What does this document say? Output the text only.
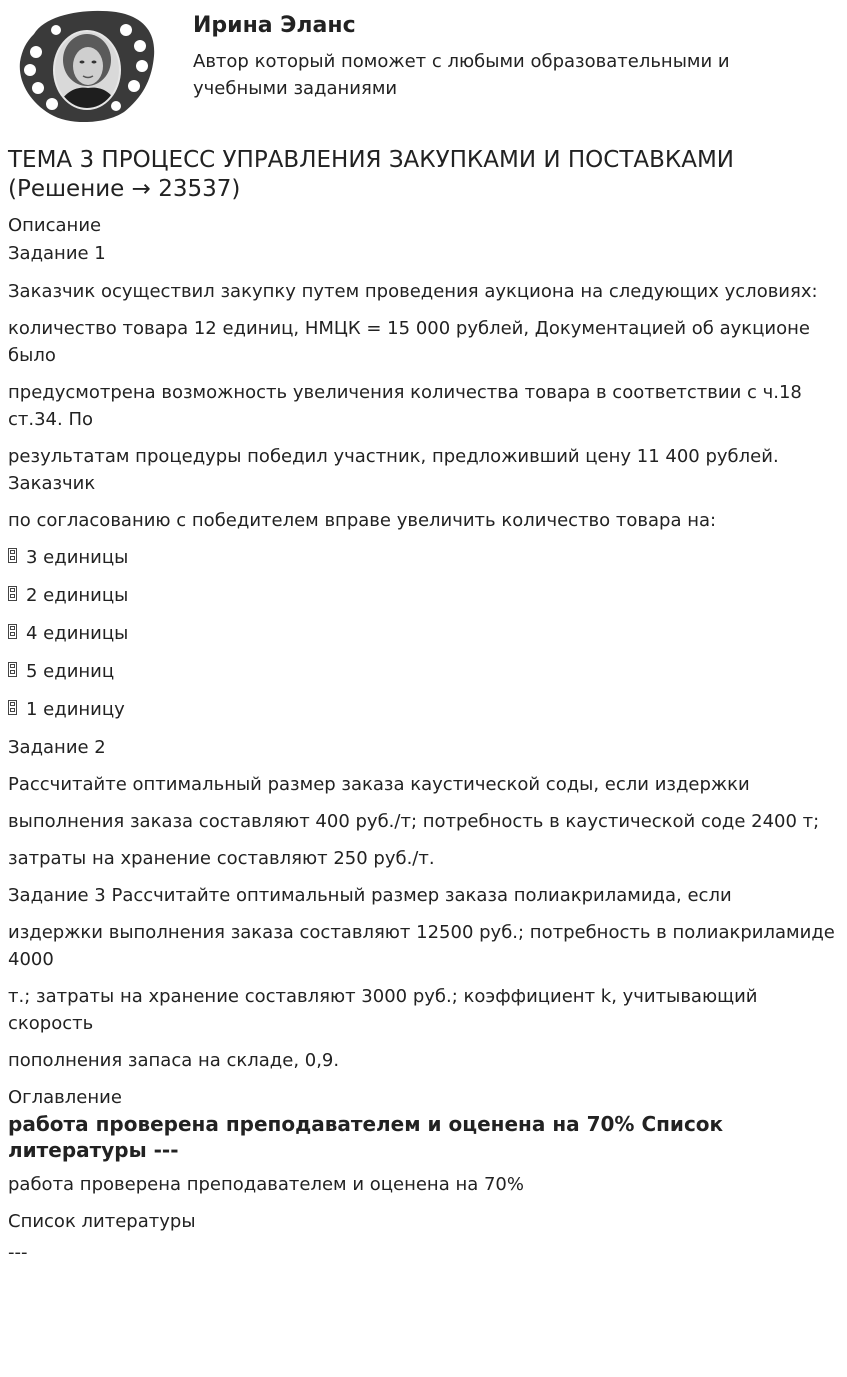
Ирина Эланс
Автор который поможет с любыми образовательными и учебными заданиями
ТЕМА 3 ПРОЦЕСС УПРАВЛЕНИЯ ЗАКУПКАМИ И ПОСТАВКАМИ (Решение → 23537)
Описание
Задание 1

Заказчик осуществил закупку путем проведения аукциона на следующих условиях:

количество товара 12 единиц, НМЦК = 15 000 рублей, Документацией об аукционе было

предусмотрена возможность увеличения количества товара в соответствии с ч.18 ст.34. По

результатам процедуры победил участник, предложивший цену 11 400 рублей. Заказчик

по согласованию с победителем вправе увеличить количество товара на:

3 единицы
2 единицы
4 единицы
5 единиц
1 единицу

Задание 2

Рассчитайте оптимальный размер заказа каустической соды, если издержки

выполнения заказа составляют 400 руб./т; потребность в каустической соде 2400 т;

затраты на хранение составляют 250 руб./т.

Задание 3 Рассчитайте оптимальный размер заказа полиакриламида, если

издержки выполнения заказа составляют 12500 руб.; потребность в полиакриламиде 4000

т.; затраты на хранение составляют 3000 руб.; коэффициент k, учитывающий скорость

пополнения запаса на складе, 0,9.

Оглавление
работа проверена преподавателем и оценена на 70% Список литературы ---

работа проверена преподавателем и оценена на 70%

Список литературы

---
